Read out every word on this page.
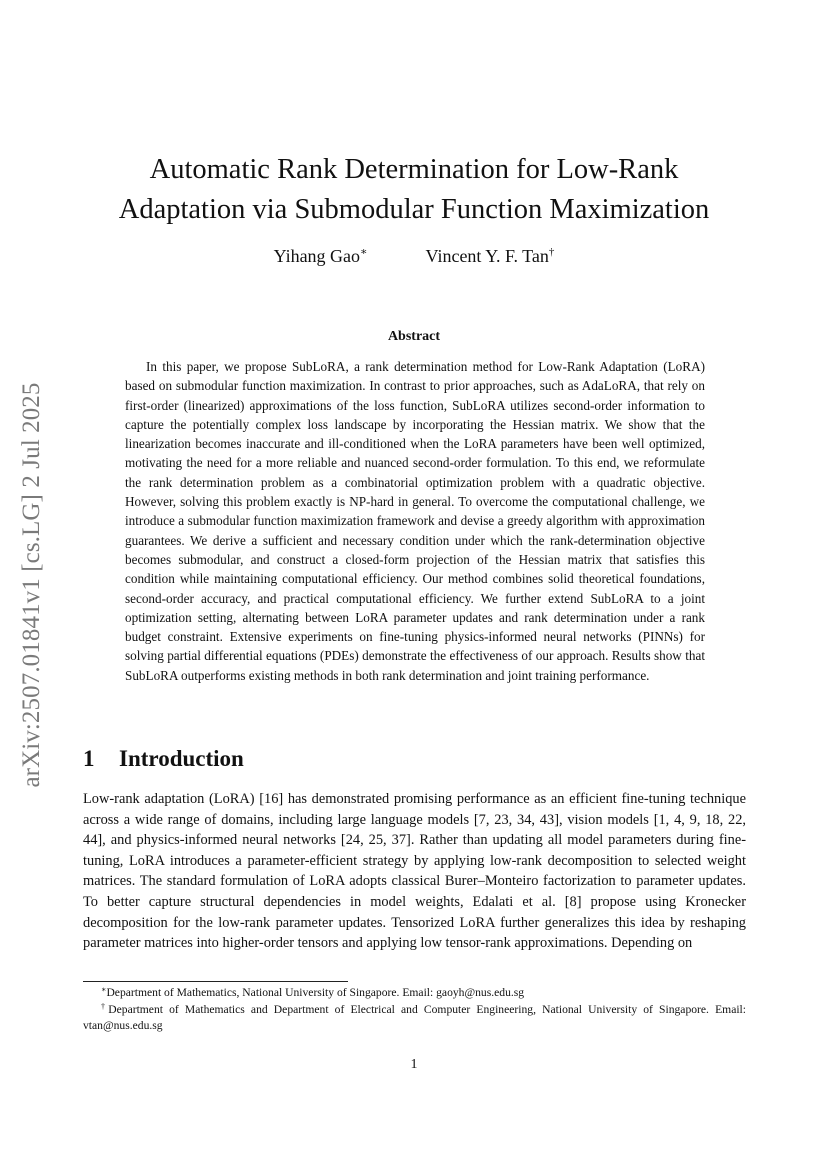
arXiv:2507.01841v1 [cs.LG] 2 Jul 2025
Automatic Rank Determination for Low-Rank
Adaptation via Submodular Function Maximization
Yihang Gao∗	Vincent Y. F. Tan†
Abstract

In this paper, we propose SubLoRA, a rank determination method for Low-Rank Adaptation (LoRA) based on submodular function maximization. In contrast to prior approaches, such as AdaLoRA, that rely on first-order (linearized) approximations of the loss function, SubLoRA utilizes second-order information to capture the potentially complex loss landscape by incorporating the Hessian matrix. We show that the linearization becomes inaccurate and ill-conditioned when the LoRA parameters have been well optimized, motivating the need for a more reliable and nuanced second-order formulation. To this end, we reformulate the rank determination problem as a combinatorial optimization problem with a quadratic objective. However, solving this problem exactly is NP-hard in general. To overcome the computational challenge, we introduce a submodular function maximization framework and devise a greedy algorithm with approximation guarantees. We derive a sufficient and necessary condition under which the rank-determination objective becomes submodular, and construct a closed-form projection of the Hessian matrix that satisfies this condition while maintaining computational efficiency. Our method combines solid theoretical foundations, second-order accuracy, and practical computational efficiency. We further extend SubLoRA to a joint optimization setting, alternating between LoRA parameter updates and rank determination under a rank budget constraint. Extensive experiments on fine-tuning physics-informed neural networks (PINNs) for solving partial differential equations (PDEs) demonstrate the effectiveness of our approach. Results show that SubLoRA outperforms existing methods in both rank determination and joint training performance.

1 Introduction

Low-rank adaptation (LoRA) [16] has demonstrated promising performance as an efficient fine-tuning technique across a wide range of domains, including large language models [7, 23, 34, 43], vision models [1, 4, 9, 18, 22, 44], and physics-informed neural networks [24, 25, 37]. Rather than updating all model parameters during fine-tuning, LoRA introduces a parameter-efficient strategy by applying low-rank decomposition to selected weight matrices. The standard formulation of LoRA adopts classical Burer–Monteiro factorization to parameter updates. To better capture structural dependencies in model weights, Edalati et al. [8] propose using Kronecker decomposition for the low-rank parameter updates. Tensorized LoRA further generalizes this idea by reshaping parameter matrices into higher-order tensors and applying low tensor-rank approximations. Depending on

∗Department of Mathematics, National University of Singapore. Email: gaoyh@nus.edu.sg

†Department of Mathematics and Department of Electrical and Computer Engineering, National University of Singapore. Email: vtan@nus.edu.sg

1
